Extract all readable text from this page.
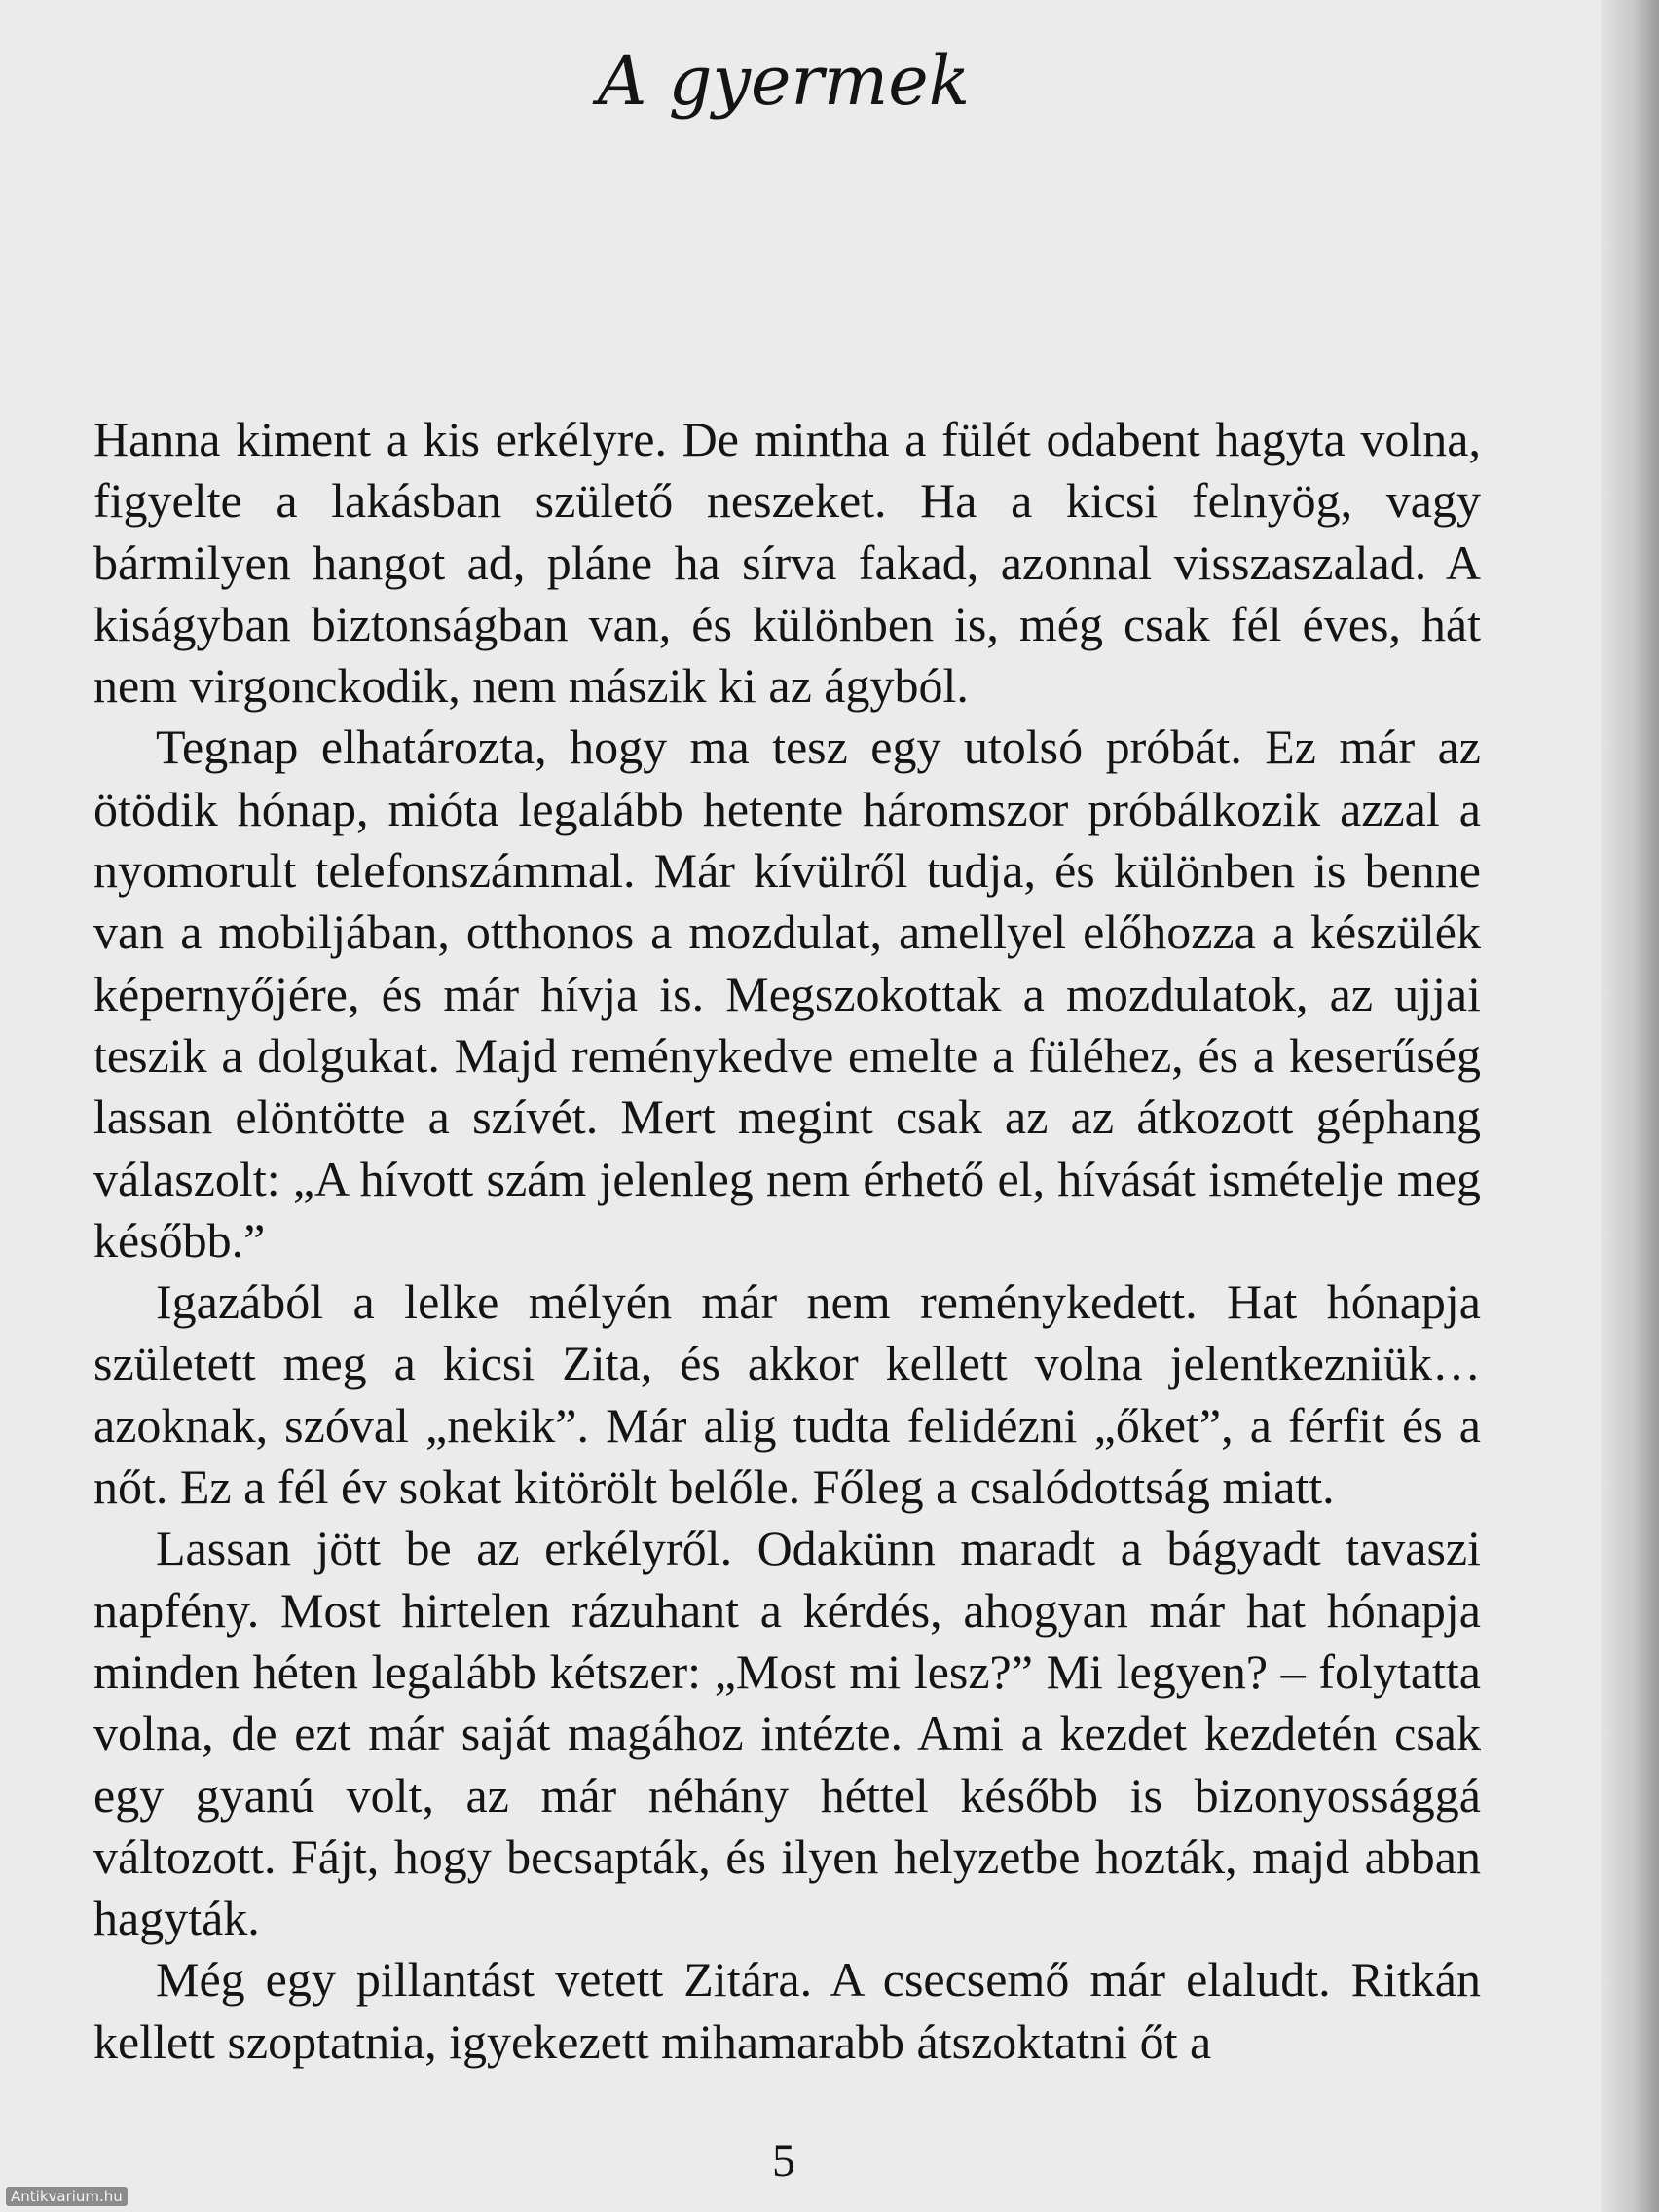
A gyermek

Hanna kiment a kis erkélyre. De mintha a fülét odabent hagyta volna, figyelte a lakásban születő neszeket. Ha a kicsi felnyög, vagy bármilyen hangot ad, pláne ha sírva fakad, azonnal visszaszalad. A kiságyban biztonságban van, és különben is, még csak fél éves, hát nem virgonckodik, nem mászik ki az ágyból.

Tegnap elhatározta, hogy ma tesz egy utolsó próbát. Ez már az ötödik hónap, mióta legalább hetente háromszor próbálkozik azzal a nyomorult telefonszámmal. Már kívülről tudja, és különben is benne van a mobiljában, otthonos a mozdulat, amellyel előhozza a készülék képernyőjére, és már hívja is. Megszokottak a mozdulatok, az ujjai teszik a dolgukat. Majd reménykedve emelte a füléhez, és a keserűség lassan elöntötte a szívét. Mert megint csak az az átkozott géphang válaszolt: „A hívott szám jelenleg nem érhető el, hívását ismételje meg később.”

Igazából a lelke mélyén már nem reménykedett. Hat hónapja született meg a kicsi Zita, és akkor kellett volna jelentkezniük… azoknak, szóval „nekik”. Már alig tudta felidézni „őket”, a férfit és a nőt. Ez a fél év sokat kitörölt belőle. Főleg a csalódottság miatt.

Lassan jött be az erkélyről. Odakünn maradt a bágyadt tavaszi napfény. Most hirtelen rázuhant a kérdés, ahogyan már hat hónapja minden héten legalább kétszer: „Most mi lesz?” Mi legyen? – folytatta volna, de ezt már saját magához intézte. Ami a kezdet kezdetén csak egy gyanú volt, az már néhány héttel később is bizonyossággá változott. Fájt, hogy becsapták, és ilyen helyzetbe hozták, majd abban hagyták.

Még egy pillantást vetett Zitára. A csecsemő már elaludt. Ritkán kellett szoptatnia, igyekezett mihamarabb átszoktatni őt a

5
Antikvarium.hu
